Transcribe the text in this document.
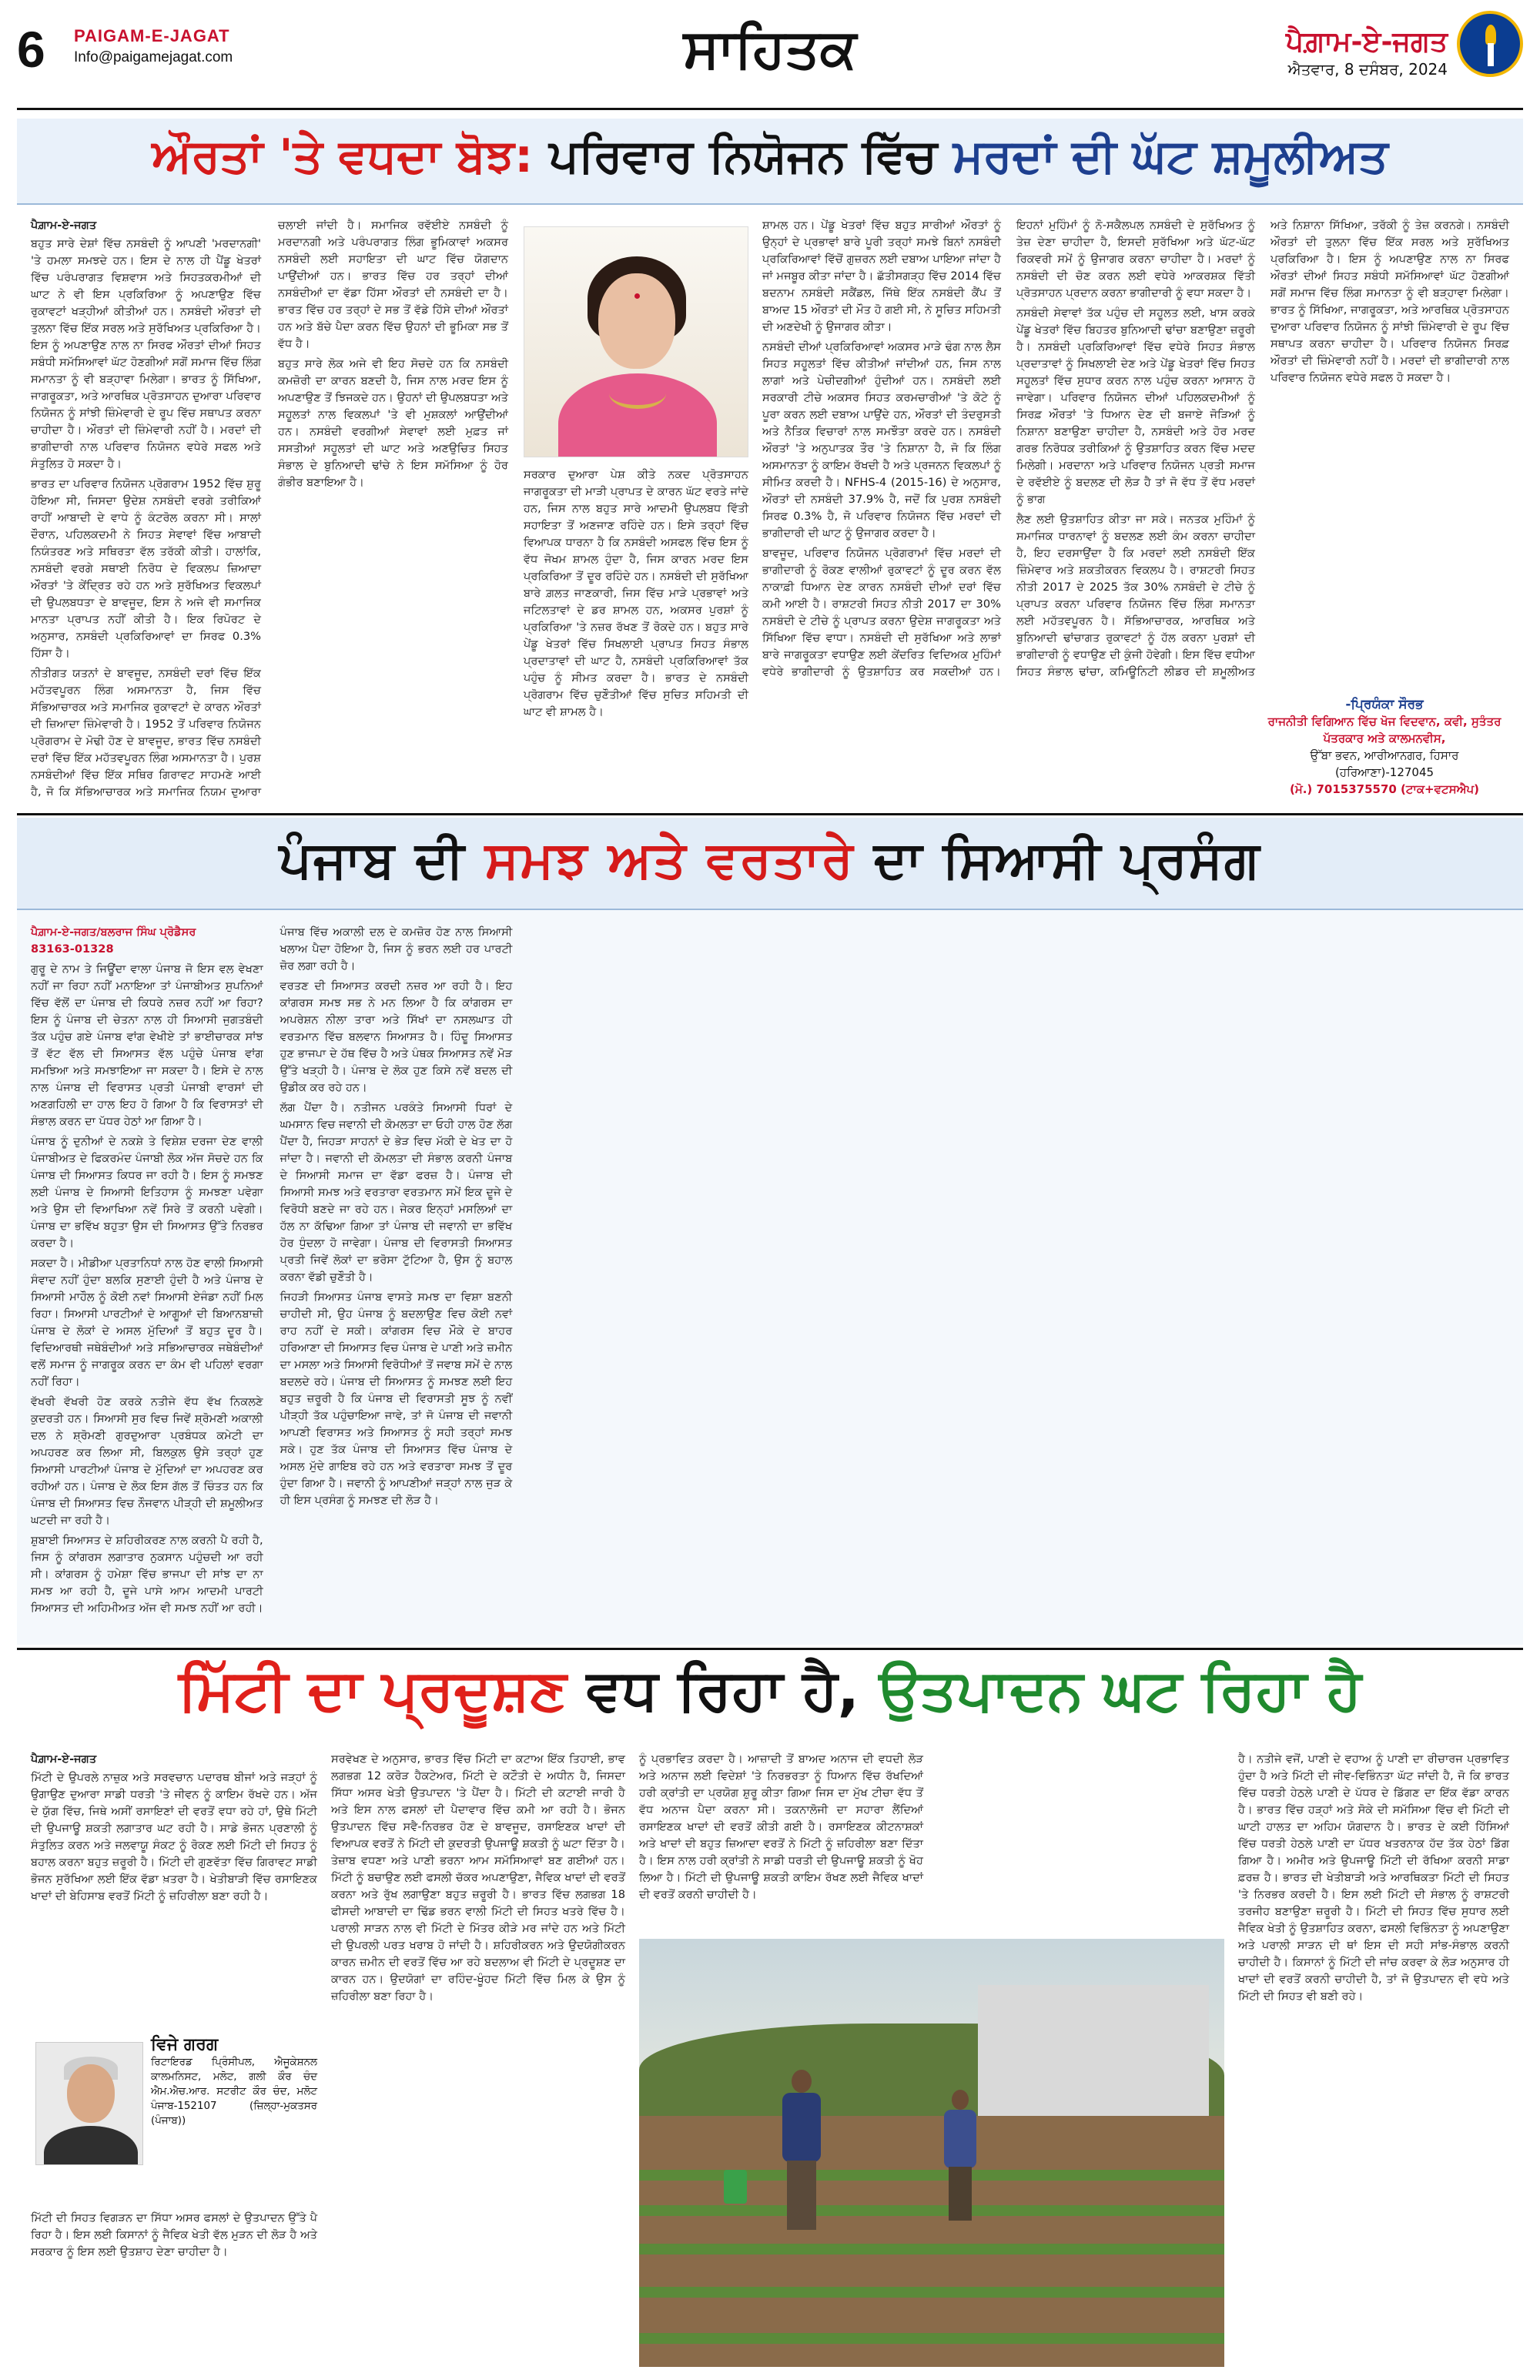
6 PAIGAM-E-JAGAT
Info@paigamejagat.com	ਸਾਹਿਤਕ	ਪੈਗ਼ਾਮ-ਏ-ਜਗਤ
ਐਤਵਾਰ, 8 ਦਸੰਬਰ, 2024
ਔਰਤਾਂ 'ਤੇ ਵਧਦਾ ਬੋਝ: ਪਰਿਵਾਰ ਨਿਯੋਜਨ ਵਿੱਚ ਮਰਦਾਂ ਦੀ ਘੱਟ ਸ਼ਮੂਲੀਅਤ
ਪੈਗ਼ਾਮ-ਏ-ਜਗਤ

ਬਹੁਤ ਸਾਰੇ ਦੇਸ਼ਾਂ ਵਿੱਚ ਨਸਬੰਦੀ ਨੂੰ ਆਪਣੀ 'ਮਰਦਾਨਗੀ' 'ਤੇ ਹਮਲਾ ਸਮਝਦੇ ਹਨ। ਇਸ ਦੇ ਨਾਲ ਹੀ ਪੈਂਡੂ ਖੇਤਰਾਂ ਵਿੱਚ ਪਰੰਪਰਾਗਤ ਵਿਸ਼ਵਾਸ ਅਤੇ ਸਿਹਤਕਰਮੀਆਂ ਦੀ ਘਾਟ ਨੇ ਵੀ ਇਸ ਪ੍ਰਕਿਰਿਆ ਨੂੰ ਅਪਣਾਉਣ ਵਿੱਚ ਰੁਕਾਵਟਾਂ ਖੜ੍ਹੀਆਂ ਕੀਤੀਆਂ ਹਨ। ਨਸਬੰਦੀ ਔਰਤਾਂ ਦੀ ਤੁਲਨਾ ਵਿੱਚ ਇੱਕ ਸਰਲ ਅਤੇ ਸੁਰੱਖਿਅਤ ਪ੍ਰਕਿਰਿਆ ਹੈ। ਇਸ ਨੂੰ ਅਪਣਾਉਣ ਨਾਲ ਨਾ ਸਿਰਫ ਔਰਤਾਂ ਦੀਆਂ ਸਿਹਤ ਸਬੰਧੀ ਸਮੱਸਿਆਵਾਂ ਘੱਟ ਹੋਣਗੀਆਂ ਸਗੋਂ ਸਮਾਜ ਵਿੱਚ ਲਿੰਗ ਸਮਾਨਤਾ ਨੂੰ ਵੀ ਬੜ੍ਹਾਵਾ ਮਿਲੇਗਾ। ਭਾਰਤ ਨੂੰ ਸਿੱਖਿਆ, ਜਾਗਰੂਕਤਾ, ਅਤੇ ਆਰਥਿਕ ਪ੍ਰੋਤਸਾਹਨ ਦੁਆਰਾ ਪਰਿਵਾਰ ਨਿਯੋਜਨ ਨੂੰ ਸਾਂਝੀ ਜ਼ਿੰਮੇਵਾਰੀ ਦੇ ਰੂਪ ਵਿੱਚ ਸਥਾਪਤ ਕਰਨਾ ਚਾਹੀਦਾ ਹੈ। ਔਰਤਾਂ ਦੀ ਜ਼ਿੰਮੇਵਾਰੀ ਨਹੀਂ ਹੈ। ਮਰਦਾਂ ਦੀ ਭਾਗੀਦਾਰੀ ਨਾਲ ਪਰਿਵਾਰ ਨਿਯੋਜਨ ਵਧੇਰੇ ਸਫਲ ਅਤੇ ਸੰਤੁਲਿਤ ਹੋ ਸਕਦਾ ਹੈ।

ਭਾਰਤ ਦਾ ਪਰਿਵਾਰ ਨਿਯੋਜਨ ਪ੍ਰੋਗਰਾਮ 1952 ਵਿੱਚ ਸ਼ੁਰੂ ਹੋਇਆ ਸੀ, ਜਿਸਦਾ ਉਦੇਸ਼ ਨਸਬੰਦੀ ਵਰਗੇ ਤਰੀਕਿਆਂ ਰਾਹੀਂ ਆਬਾਦੀ ਦੇ ਵਾਧੇ ਨੂੰ ਕੰਟਰੋਲ ਕਰਨਾ ਸੀ। ਸਾਲਾਂ ਦੌਰਾਨ, ਪਹਿਲਕਦਮੀ ਨੇ ਸਿਹਤ ਸੇਵਾਵਾਂ ਵਿੱਚ ਆਬਾਦੀ ਨਿਯੰਤਰਣ ਅਤੇ ਸਥਿਰਤਾ ਵੱਲ ਤਰੱਕੀ ਕੀਤੀ। ਹਾਲਾਂਕਿ, ਨਸਬੰਦੀ ਵਰਗੇ ਸਥਾਈ ਨਿਰੋਧ ਦੇ ਵਿਕਲਪ ਜ਼ਿਆਦਾ ਔਰਤਾਂ 'ਤੇ ਕੇਂਦ੍ਰਿਤ ਰਹੇ ਹਨ ਅਤੇ ਸੁਰੱਖਿਅਤ ਵਿਕਲਪਾਂ ਦੀ ਉਪਲਬਧਤਾ ਦੇ ਬਾਵਜੂਦ, ਇਸ ਨੇ ਅਜੇ ਵੀ ਸਮਾਜਿਕ ਮਾਨਤਾ ਪ੍ਰਾਪਤ ਨਹੀਂ ਕੀਤੀ ਹੈ। ਇਕ ਰਿਪੋਰਟ ਦੇ ਅਨੁਸਾਰ, ਨਸਬੰਦੀ ਪ੍ਰਕਿਰਿਆਵਾਂ ਦਾ ਸਿਰਫ 0.3% ਹਿੱਸਾ ਹੈ।

ਨੀਤੀਗਤ ਯਤਨਾਂ ਦੇ ਬਾਵਜੂਦ, ਨਸਬੰਦੀ ਦਰਾਂ ਵਿੱਚ ਇੱਕ ਮਹੱਤਵਪੂਰਨ ਲਿੰਗ ਅਸਮਾਨਤਾ ਹੈ, ਜਿਸ ਵਿੱਚ ਸੱਭਿਆਚਾਰਕ ਅਤੇ ਸਮਾਜਿਕ ਰੁਕਾਵਟਾਂ ਦੇ ਕਾਰਨ ਔਰਤਾਂ ਦੀ ਜ਼ਿਆਦਾ ਜ਼ਿੰਮੇਵਾਰੀ ਹੈ। 1952 ਤੋਂ ਪਰਿਵਾਰ ਨਿਯੋਜਨ ਪ੍ਰੋਗਰਾਮ ਦੇ ਮੋਢੀ ਹੋਣ ਦੇ ਬਾਵਜੂਦ, ਭਾਰਤ ਵਿੱਚ ਨਸਬੰਦੀ ਦਰਾਂ ਵਿੱਚ ਇੱਕ ਮਹੱਤਵਪੂਰਨ ਲਿੰਗ ਅਸਮਾਨਤਾ ਹੈ। ਪੁਰਸ਼ ਨਸਬੰਦੀਆਂ ਵਿੱਚ ਇੱਕ ਸਥਿਰ ਗਿਰਾਵਟ ਸਾਹਮਣੇ ਆਈ ਹੈ, ਜੋ ਕਿ ਸੱਭਿਆਚਾਰਕ ਅਤੇ ਸਮਾਜਿਕ ਨਿਯਮ ਦੁਆਰਾ ਚਲਾਈ ਜਾਂਦੀ ਹੈ। ਸਮਾਜਿਕ ਰਵੱਈਏ ਨਸਬੰਦੀ ਨੂੰ ਮਰਦਾਨਗੀ ਅਤੇ ਪਰੰਪਰਾਗਤ ਲਿੰਗ ਭੂਮਿਕਾਵਾਂ ਅਕਸਰ ਨਸਬੰਦੀ ਲਈ ਸਹਾਇਤਾ ਦੀ ਘਾਟ ਵਿੱਚ ਯੋਗਦਾਨ ਪਾਉਂਦੀਆਂ ਹਨ। ਭਾਰਤ ਵਿੱਚ ਹਰ ਤਰ੍ਹਾਂ ਦੀਆਂ ਨਸਬੰਦੀਆਂ ਦਾ ਵੱਡਾ ਹਿੱਸਾ ਔਰਤਾਂ ਦੀ ਨਸਬੰਦੀ ਦਾ ਹੈ। ਭਾਰਤ ਵਿੱਚ ਹਰ ਤਰ੍ਹਾਂ ਦੇ ਸਭ ਤੋਂ ਵੱਡੇ ਹਿੱਸੇ ਦੀਆਂ ਔਰਤਾਂ ਹਨ ਅਤੇ ਬੱਚੇ ਪੈਦਾ ਕਰਨ ਵਿੱਚ ਉਹਨਾਂ ਦੀ ਭੂਮਿਕਾ ਸਭ ਤੋਂ ਵੱਧ ਹੈ।

ਬਹੁਤ ਸਾਰੇ ਲੋਕ ਅਜੇ ਵੀ ਇਹ ਸੋਚਦੇ ਹਨ ਕਿ ਨਸਬੰਦੀ ਕਮਜ਼ੋਰੀ ਦਾ ਕਾਰਨ ਬਣਦੀ ਹੈ, ਜਿਸ ਨਾਲ ਮਰਦ ਇਸ ਨੂੰ ਅਪਣਾਉਣ ਤੋਂ ਝਿਜਕਦੇ ਹਨ। ਉਹਨਾਂ ਦੀ ਉਪਲਬਧਤਾ ਅਤੇ ਸਹੂਲਤਾਂ ਨਾਲ ਵਿਕਲਪਾਂ 'ਤੇ ਵੀ ਮੁਸ਼ਕਲਾਂ ਆਉਂਦੀਆਂ ਹਨ। ਨਸਬੰਦੀ ਵਰਗੀਆਂ ਸੇਵਾਵਾਂ ਲਈ ਮੁਫ਼ਤ ਜਾਂ ਸਸਤੀਆਂ ਸਹੂਲਤਾਂ ਦੀ ਘਾਟ ਅਤੇ ਅਣਉਚਿਤ ਸਿਹਤ ਸੰਭਾਲ ਦੇ ਬੁਨਿਆਦੀ ਢਾਂਚੇ ਨੇ ਇਸ ਸਮੱਸਿਆ ਨੂੰ ਹੋਰ ਗੰਭੀਰ ਬਣਾਇਆ ਹੈ।

ਸਰਕਾਰ ਦੁਆਰਾ ਪੇਸ਼ ਕੀਤੇ ਨਕਦ ਪ੍ਰੋਤਸਾਹਨ ਜਾਗਰੂਕਤਾ ਦੀ ਮਾੜੀ ਪ੍ਰਾਪਤ ਦੇ ਕਾਰਨ ਘੱਟ ਵਰਤੇ ਜਾਂਦੇ ਹਨ, ਜਿਸ ਨਾਲ ਬਹੁਤ ਸਾਰੇ ਆਦਮੀ ਉਪਲਬਧ ਵਿੱਤੀ ਸਹਾਇਤਾ ਤੋਂ ਅਣਜਾਣ ਰਹਿੰਦੇ ਹਨ। ਇਸੇ ਤਰ੍ਹਾਂ ਵਿੱਚ ਵਿਆਪਕ ਧਾਰਨਾ ਹੈ ਕਿ ਨਸਬੰਦੀ ਅਸਫਲ ਵਿੱਚ ਇਸ ਨੂੰ ਵੱਧ ਜੋਖਮ ਸ਼ਾਮਲ ਹੁੰਦਾ ਹੈ, ਜਿਸ ਕਾਰਨ ਮਰਦ ਇਸ ਪ੍ਰਕਿਰਿਆ ਤੋਂ ਦੂਰ ਰਹਿੰਦੇ ਹਨ। ਨਸਬੰਦੀ ਦੀ ਸੁਰੱਖਿਆ ਬਾਰੇ ਗ਼ਲਤ ਜਾਣਕਾਰੀ, ਜਿਸ ਵਿੱਚ ਮਾੜੇ ਪ੍ਰਭਾਵਾਂ ਅਤੇ ਜਟਿਲਤਾਵਾਂ ਦੇ ਡਰ ਸ਼ਾਮਲ ਹਨ, ਅਕਸਰ ਪੁਰਸ਼ਾਂ ਨੂੰ ਪ੍ਰਕਿਰਿਆ 'ਤੇ ਨਜ਼ਰ ਰੱਖਣ ਤੋਂ ਰੋਕਦੇ ਹਨ। ਬਹੁਤ ਸਾਰੇ ਪੇਂਡੂ ਖੇਤਰਾਂ ਵਿੱਚ ਸਿਖਲਾਈ ਪ੍ਰਾਪਤ ਸਿਹਤ ਸੰਭਾਲ ਪ੍ਰਦਾਤਾਵਾਂ ਦੀ ਘਾਟ ਹੈ, ਨਸਬੰਦੀ ਪ੍ਰਕਿਰਿਆਵਾਂ ਤੱਕ ਪਹੁੰਚ ਨੂੰ ਸੀਮਤ ਕਰਦਾ ਹੈ। ਭਾਰਤ ਦੇ ਨਸਬੰਦੀ ਪ੍ਰੋਗਰਾਮ ਵਿੱਚ ਚੁਣੌਤੀਆਂ ਵਿੱਚ ਸੁਚਿਤ ਸਹਿਮਤੀ ਦੀ ਘਾਟ ਵੀ ਸ਼ਾਮਲ ਹੈ।

ਸ਼ਾਮਲ ਹਨ। ਪੇਂਡੂ ਖੇਤਰਾਂ ਵਿੱਚ ਬਹੁਤ ਸਾਰੀਆਂ ਔਰਤਾਂ ਨੂੰ ਉਨ੍ਹਾਂ ਦੇ ਪ੍ਰਭਾਵਾਂ ਬਾਰੇ ਪੂਰੀ ਤਰ੍ਹਾਂ ਸਮਝੇ ਬਿਨਾਂ ਨਸਬੰਦੀ ਪ੍ਰਕਿਰਿਆਵਾਂ ਵਿੱਚੋਂ ਗੁਜ਼ਰਨ ਲਈ ਦਬਾਅ ਪਾਇਆ ਜਾਂਦਾ ਹੈ ਜਾਂ ਮਜਬੂਰ ਕੀਤਾ ਜਾਂਦਾ ਹੈ। ਛੱਤੀਸਗੜ੍ਹ ਵਿੱਚ 2014 ਵਿੱਚ ਬਦਨਾਮ ਨਸਬੰਦੀ ਸਕੈਂਡਲ, ਜਿੱਥੇ ਇੱਕ ਨਸਬੰਦੀ ਕੈਂਪ ਤੋਂ ਬਾਅਦ 15 ਔਰਤਾਂ ਦੀ ਮੌਤ ਹੋ ਗਈ ਸੀ, ਨੇ ਸੂਚਿਤ ਸਹਿਮਤੀ ਦੀ ਅਣਦੇਖੀ ਨੂੰ ਉਜਾਗਰ ਕੀਤਾ।

ਨਸਬੰਦੀ ਦੀਆਂ ਪ੍ਰਕਿਰਿਆਵਾਂ ਅਕਸਰ ਮਾੜੇ ਢੰਗ ਨਾਲ ਲੈਸ ਸਿਹਤ ਸਹੂਲਤਾਂ ਵਿੱਚ ਕੀਤੀਆਂ ਜਾਂਦੀਆਂ ਹਨ, ਜਿਸ ਨਾਲ ਲਾਗਾਂ ਅਤੇ ਪੇਚੀਦਗੀਆਂ ਹੁੰਦੀਆਂ ਹਨ। ਨਸਬੰਦੀ ਲਈ ਸਰਕਾਰੀ ਟੀਚੇ ਅਕਸਰ ਸਿਹਤ ਕਰਮਚਾਰੀਆਂ 'ਤੇ ਕੋਟੇ ਨੂੰ ਪੂਰਾ ਕਰਨ ਲਈ ਦਬਾਅ ਪਾਉਂਦੇ ਹਨ, ਔਰਤਾਂ ਦੀ ਤੰਦਰੁਸਤੀ ਅਤੇ ਨੈਤਿਕ ਵਿਚਾਰਾਂ ਨਾਲ ਸਮਝੌਤਾ ਕਰਦੇ ਹਨ। ਨਸਬੰਦੀ ਔਰਤਾਂ 'ਤੇ ਅਨੁਪਾਤਕ ਤੌਰ 'ਤੇ ਨਿਸ਼ਾਨਾ ਹੈ, ਜੋ ਕਿ ਲਿੰਗ ਅਸਮਾਨਤਾ ਨੂੰ ਕਾਇਮ ਰੱਖਦੀ ਹੈ ਅਤੇ ਪ੍ਰਜਨਨ ਵਿਕਲਪਾਂ ਨੂੰ ਸੀਮਿਤ ਕਰਦੀ ਹੈ। NFHS-4 (2015-16) ਦੇ ਅਨੁਸਾਰ, ਔਰਤਾਂ ਦੀ ਨਸਬੰਦੀ 37.9% ਹੈ, ਜਦੋਂ ਕਿ ਪੁਰਸ਼ ਨਸਬੰਦੀ ਸਿਰਫ 0.3% ਹੈ, ਜੋ ਪਰਿਵਾਰ ਨਿਯੋਜਨ ਵਿੱਚ ਮਰਦਾਂ ਦੀ ਭਾਗੀਦਾਰੀ ਦੀ ਘਾਟ ਨੂੰ ਉਜਾਗਰ ਕਰਦਾ ਹੈ।

ਬਾਵਜੂਦ, ਪਰਿਵਾਰ ਨਿਯੋਜਨ ਪ੍ਰੋਗਰਾਮਾਂ ਵਿੱਚ ਮਰਦਾਂ ਦੀ ਭਾਗੀਦਾਰੀ ਨੂੰ ਰੋਕਣ ਵਾਲੀਆਂ ਰੁਕਾਵਟਾਂ ਨੂੰ ਦੂਰ ਕਰਨ ਵੱਲ ਨਾਕਾਫ਼ੀ ਧਿਆਨ ਦੇਣ ਕਾਰਨ ਨਸਬੰਦੀ ਦੀਆਂ ਦਰਾਂ ਵਿੱਚ ਕਮੀ ਆਈ ਹੈ। ਰਾਸ਼ਟਰੀ ਸਿਹਤ ਨੀਤੀ 2017 ਦਾ 30% ਨਸਬੰਦੀ ਦੇ ਟੀਚੇ ਨੂੰ ਪ੍ਰਾਪਤ ਕਰਨਾ ਉਦੇਸ਼ ਜਾਗਰੂਕਤਾ ਅਤੇ ਸਿੱਖਿਆ ਵਿੱਚ ਵਾਧਾ। ਨਸਬੰਦੀ ਦੀ ਸੁਰੱਖਿਆ ਅਤੇ ਲਾਭਾਂ ਬਾਰੇ ਜਾਗਰੂਕਤਾ ਵਧਾਉਣ ਲਈ ਕੇਂਦਰਿਤ ਵਿਦਿਅਕ ਮੁਹਿੰਮਾਂ ਵਧੇਰੇ ਭਾਗੀਦਾਰੀ ਨੂੰ ਉਤਸ਼ਾਹਿਤ ਕਰ ਸਕਦੀਆਂ ਹਨ। ਇਹਨਾਂ ਮੁਹਿੰਮਾਂ ਨੂੰ ਨੋ-ਸਕੈਲਪਲ ਨਸਬੰਦੀ ਦੇ ਸੁਰੱਖਿਅਤ ਨੂੰ ਤੇਜ਼ ਦੇਣਾ ਚਾਹੀਦਾ ਹੈ, ਇਸਦੀ ਸੁਰੱਖਿਆ ਅਤੇ ਘੱਟ-ਘੱਟ ਰਿਕਵਰੀ ਸਮੇਂ ਨੂੰ ਉਜਾਗਰ ਕਰਨਾ ਚਾਹੀਦਾ ਹੈ। ਮਰਦਾਂ ਨੂੰ ਨਸਬੰਦੀ ਦੀ ਚੋਣ ਕਰਨ ਲਈ ਵਧੇਰੇ ਆਕਰਸ਼ਕ ਵਿੱਤੀ ਪ੍ਰੋਤਸਾਹਨ ਪ੍ਰਦਾਨ ਕਰਨਾ ਭਾਗੀਦਾਰੀ ਨੂੰ ਵਧਾ ਸਕਦਾ ਹੈ।

ਨਸਬੰਦੀ ਸੇਵਾਵਾਂ ਤੱਕ ਪਹੁੰਚ ਦੀ ਸਹੂਲਤ ਲਈ, ਖਾਸ ਕਰਕੇ ਪੇਂਡੂ ਖੇਤਰਾਂ ਵਿੱਚ ਬਿਹਤਰ ਬੁਨਿਆਦੀ ਢਾਂਚਾ ਬਣਾਉਣਾ ਜ਼ਰੂਰੀ ਹੈ। ਨਸਬੰਦੀ ਪ੍ਰਕਿਰਿਆਵਾਂ ਵਿੱਚ ਵਧੇਰੇ ਸਿਹਤ ਸੰਭਾਲ ਪ੍ਰਦਾਤਾਵਾਂ ਨੂੰ ਸਿਖਲਾਈ ਦੇਣ ਅਤੇ ਪੇਂਡੂ ਖੇਤਰਾਂ ਵਿੱਚ ਸਿਹਤ ਸਹੂਲਤਾਂ ਵਿੱਚ ਸੁਧਾਰ ਕਰਨ ਨਾਲ ਪਹੁੰਚ ਕਰਨਾ ਆਸਾਨ ਹੋ ਜਾਵੇਗਾ। ਪਰਿਵਾਰ ਨਿਯੋਜਨ ਦੀਆਂ ਪਹਿਲਕਦਮੀਆਂ ਨੂੰ ਸਿਰਫ਼ ਔਰਤਾਂ 'ਤੇ ਧਿਆਨ ਦੇਣ ਦੀ ਬਜਾਏ ਜੋੜਿਆਂ ਨੂੰ ਨਿਸ਼ਾਨਾ ਬਣਾਉਣਾ ਚਾਹੀਦਾ ਹੈ, ਨਸਬੰਦੀ ਅਤੇ ਹੋਰ ਮਰਦ ਗਰਭ ਨਿਰੋਧਕ ਤਰੀਕਿਆਂ ਨੂੰ ਉਤਸ਼ਾਹਿਤ ਕਰਨ ਵਿੱਚ ਮਦਦ ਮਿਲੇਗੀ। ਮਰਦਾਨਾ ਅਤੇ ਪਰਿਵਾਰ ਨਿਯੋਜਨ ਪ੍ਰਤੀ ਸਮਾਜ ਦੇ ਰਵੱਈਏ ਨੂੰ ਬਦਲਣ ਦੀ ਲੋੜ ਹੈ ਤਾਂ ਜੋ ਵੱਧ ਤੋਂ ਵੱਧ ਮਰਦਾਂ ਨੂੰ ਭਾਗ

ਲੈਣ ਲਈ ਉਤਸ਼ਾਹਿਤ ਕੀਤਾ ਜਾ ਸਕੇ। ਜਨਤਕ ਮੁਹਿੰਮਾਂ ਨੂੰ ਸਮਾਜਿਕ ਧਾਰਨਾਵਾਂ ਨੂੰ ਬਦਲਣ ਲਈ ਕੰਮ ਕਰਨਾ ਚਾਹੀਦਾ ਹੈ, ਇਹ ਦਰਸਾਉਂਦਾ ਹੈ ਕਿ ਮਰਦਾਂ ਲਈ ਨਸਬੰਦੀ ਇੱਕ ਜ਼ਿੰਮੇਵਾਰ ਅਤੇ ਸ਼ਕਤੀਕਰਨ ਵਿਕਲਪ ਹੈ। ਰਾਸ਼ਟਰੀ ਸਿਹਤ ਨੀਤੀ 2017 ਦੇ 2025 ਤੱਕ 30% ਨਸਬੰਦੀ ਦੇ ਟੀਚੇ ਨੂੰ ਪ੍ਰਾਪਤ ਕਰਨਾ ਪਰਿਵਾਰ ਨਿਯੋਜਨ ਵਿੱਚ ਲਿੰਗ ਸਮਾਨਤਾ ਲਈ ਮਹੱਤਵਪੂਰਨ ਹੈ। ਸੱਭਿਆਚਾਰਕ, ਆਰਥਿਕ ਅਤੇ ਬੁਨਿਆਦੀ ਢਾਂਚਾਗਤ ਰੁਕਾਵਟਾਂ ਨੂੰ ਹੱਲ ਕਰਨਾ ਪੁਰਸ਼ਾਂ ਦੀ ਭਾਗੀਦਾਰੀ ਨੂੰ ਵਧਾਉਣ ਦੀ ਕੁੰਜੀ ਹੋਵੇਗੀ। ਇਸ ਵਿੱਚ ਵਧੀਆ ਸਿਹਤ ਸੰਭਾਲ ਢਾਂਚਾ, ਕਮਿਊਨਿਟੀ ਲੀਡਰ ਦੀ ਸ਼ਮੂਲੀਅਤ ਅਤੇ ਨਿਸ਼ਾਨਾ ਸਿੱਖਿਆ, ਤਰੱਕੀ ਨੂੰ ਤੇਜ਼ ਕਰਨਗੇ। ਨਸਬੰਦੀ ਔਰਤਾਂ ਦੀ ਤੁਲਨਾ ਵਿੱਚ ਇੱਕ ਸਰਲ ਅਤੇ ਸੁਰੱਖਿਅਤ ਪ੍ਰਕਿਰਿਆ ਹੈ। ਇਸ ਨੂੰ ਅਪਣਾਉਣ ਨਾਲ ਨਾ ਸਿਰਫ ਔਰਤਾਂ ਦੀਆਂ ਸਿਹਤ ਸਬੰਧੀ ਸਮੱਸਿਆਵਾਂ ਘੱਟ ਹੋਣਗੀਆਂ ਸਗੋਂ ਸਮਾਜ ਵਿੱਚ ਲਿੰਗ ਸਮਾਨਤਾ ਨੂੰ ਵੀ ਬੜ੍ਹਾਵਾ ਮਿਲੇਗਾ। ਭਾਰਤ ਨੂੰ ਸਿੱਖਿਆ, ਜਾਗਰੂਕਤਾ, ਅਤੇ ਆਰਥਿਕ ਪ੍ਰੋਤਸਾਹਨ ਦੁਆਰਾ ਪਰਿਵਾਰ ਨਿਯੋਜਨ ਨੂੰ ਸਾਂਝੀ ਜ਼ਿੰਮੇਵਾਰੀ ਦੇ ਰੂਪ ਵਿੱਚ ਸਥਾਪਤ ਕਰਨਾ ਚਾਹੀਦਾ ਹੈ। ਪਰਿਵਾਰ ਨਿਯੋਜਨ ਸਿਰਫ਼ ਔਰਤਾਂ ਦੀ ਜ਼ਿੰਮੇਵਾਰੀ ਨਹੀਂ ਹੈ। ਮਰਦਾਂ ਦੀ ਭਾਗੀਦਾਰੀ ਨਾਲ ਪਰਿਵਾਰ ਨਿਯੋਜਨ ਵਧੇਰੇ ਸਫਲ ਹੋ ਸਕਦਾ ਹੈ।

-ਪ੍ਰਿਯੰਕਾ ਸੌਰਭ
ਰਾਜਨੀਤੀ ਵਿਗਿਆਨ ਵਿੱਚ ਖੋਜ ਵਿਦਵਾਨ, ਕਵੀ, ਸੁਤੰਤਰ ਪੱਤਰਕਾਰ ਅਤੇ ਕਾਲਮਨਵੀਸ,
ਉੱਬਾ ਭਵਨ, ਆਰੀਆਨਗਰ, ਹਿਸਾਰ (ਹਰਿਆਣਾ)-127045
(ਮੋ.) 7015375570 (ਟਾਕ+ਵਟਸਐਪ)
ਪੰਜਾਬ ਦੀ ਸਮਝ ਅਤੇ ਵਰਤਾਰੇ ਦਾ ਸਿਆਸੀ ਪ੍ਰਸੰਗ
ਪੈਗ਼ਾਮ-ਏ-ਜਗਤ/ਬਲਰਾਜ ਸਿੰਘ ਪ੍ਰੋਡੈਸਰ
83163-01328

ਗੁਰੂ ਦੇ ਨਾਮ ਤੇ ਜਿਊਂਦਾ ਵਾਲਾ ਪੰਜਾਬ ਜੋ ਇਸ ਵਲ ਵੇਖਣਾ ਨਹੀਂ ਜਾ ਰਿਹਾ ਨਹੀਂ ਮਨਾਇਆ ਤਾਂ ਪੰਜਾਬੀਅਤ ਸੁਪਨਿਆਂ ਵਿੱਚ ਵੱਲੋਂ ਦਾ ਪੰਜਾਬ ਦੀ ਕਿਧਰੇ ਨਜ਼ਰ ਨਹੀਂ ਆ ਰਿਹਾ? ਇਸ ਨੂੰ ਪੰਜਾਬ ਦੀ ਚੇਤਨਾ ਨਾਲ ਹੀ ਸਿਆਸੀ ਜੁਗਤਬੰਦੀ ਤੱਕ ਪਹੁੰਚ ਗਏ ਪੰਜਾਬ ਵਾਂਗ ਵੇਖੀਏ ਤਾਂ ਭਾਈਚਾਰਕ ਸਾਂਝ ਤੋਂ ਵੱਟ ਵੱਲ ਦੀ ਸਿਆਸਤ ਵੱਲ ਪਹੁੰਚੇ ਪੰਜਾਬ ਵਾਂਗ ਸਮਝਿਆ ਅਤੇ ਸਮਝਾਇਆ ਜਾ ਸਕਦਾ ਹੈ। ਇਸੇ ਦੇ ਨਾਲ ਨਾਲ ਪੰਜਾਬ ਦੀ ਵਿਰਾਸਤ ਪ੍ਰਤੀ ਪੰਜਾਬੀ ਵਾਰਸਾਂ ਦੀ ਅਣਗਹਿਲੀ ਦਾ ਹਾਲ ਇਹ ਹੋ ਗਿਆ ਹੈ ਕਿ ਵਿਰਾਸਤਾਂ ਦੀ ਸੰਭਾਲ ਕਰਨ ਦਾ ਪੱਧਰ ਹੇਠਾਂ ਆ ਗਿਆ ਹੈ।

ਪੰਜਾਬ ਨੂੰ ਦੁਨੀਆਂ ਦੇ ਨਕਸ਼ੇ ਤੇ ਵਿਸ਼ੇਸ਼ ਦਰਜਾ ਦੇਣ ਵਾਲੀ ਪੰਜਾਬੀਅਤ ਦੇ ਫਿਕਰਮੰਦ ਪੰਜਾਬੀ ਲੋਕ ਅੱਜ ਸੋਚਦੇ ਹਨ ਕਿ ਪੰਜਾਬ ਦੀ ਸਿਆਸਤ ਕਿਧਰ ਜਾ ਰਹੀ ਹੈ। ਇਸ ਨੂੰ ਸਮਝਣ ਲਈ ਪੰਜਾਬ ਦੇ ਸਿਆਸੀ ਇਤਿਹਾਸ ਨੂੰ ਸਮਝਣਾ ਪਵੇਗਾ ਅਤੇ ਉਸ ਦੀ ਵਿਆਖਿਆ ਨਵੇਂ ਸਿਰੇ ਤੋਂ ਕਰਨੀ ਪਵੇਗੀ। ਪੰਜਾਬ ਦਾ ਭਵਿੱਖ ਬਹੁਤਾ ਉਸ ਦੀ ਸਿਆਸਤ ਉੱਤੇ ਨਿਰਭਰ ਕਰਦਾ ਹੈ।

ਸਕਦਾ ਹੈ। ਮੀਡੀਆ ਪ੍ਰਤਾਨਿਧਾਂ ਨਾਲ ਹੋਣ ਵਾਲੀ ਸਿਆਸੀ ਸੰਵਾਦ ਨਹੀਂ ਹੁੰਦਾ ਬਲਕਿ ਸੁਣਾਈ ਹੁੰਦੀ ਹੈ ਅਤੇ ਪੰਜਾਬ ਦੇ ਸਿਆਸੀ ਮਾਹੌਲ ਨੂੰ ਕੋਈ ਨਵਾਂ ਸਿਆਸੀ ਏਜੰਡਾ ਨਹੀਂ ਮਿਲ ਰਿਹਾ। ਸਿਆਸੀ ਪਾਰਟੀਆਂ ਦੇ ਆਗੂਆਂ ਦੀ ਬਿਆਨਬਾਜ਼ੀ ਪੰਜਾਬ ਦੇ ਲੋਕਾਂ ਦੇ ਅਸਲ ਮੁੱਦਿਆਂ ਤੋਂ ਬਹੁਤ ਦੂਰ ਹੈ। ਵਿਦਿਆਰਥੀ ਜਥੇਬੰਦੀਆਂ ਅਤੇ ਸਭਿਆਚਾਰਕ ਜਥੇਬੰਦੀਆਂ ਵਲੋਂ ਸਮਾਜ ਨੂੰ ਜਾਗਰੂਕ ਕਰਨ ਦਾ ਕੰਮ ਵੀ ਪਹਿਲਾਂ ਵਰਗਾ ਨਹੀਂ ਰਿਹਾ।

ਵੱਖਰੀ ਵੱਖਰੀ ਹੋਣ ਕਰਕੇ ਨਤੀਜੇ ਵੱਧ ਵੱਖ ਨਿਕਲਣੇ ਕੁਦਰਤੀ ਹਨ। ਸਿਆਸੀ ਸੁਰ ਵਿਚ ਜਿਵੇਂ ਸ਼੍ਰੋਮਣੀ ਅਕਾਲੀ ਦਲ ਨੇ ਸ਼੍ਰੋਮਣੀ ਗੁਰਦੁਆਰਾ ਪ੍ਰਬੰਧਕ ਕਮੇਟੀ ਦਾ ਅਪਹਰਣ ਕਰ ਲਿਆ ਸੀ, ਬਿਲਕੁਲ ਉਸੇ ਤਰ੍ਹਾਂ ਹੁਣ ਸਿਆਸੀ ਪਾਰਟੀਆਂ ਪੰਜਾਬ ਦੇ ਮੁੱਦਿਆਂ ਦਾ ਅਪਹਰਣ ਕਰ ਰਹੀਆਂ ਹਨ। ਪੰਜਾਬ ਦੇ ਲੋਕ ਇਸ ਗੱਲ ਤੋਂ ਚਿੰਤਤ ਹਨ ਕਿ ਪੰਜਾਬ ਦੀ ਸਿਆਸਤ ਵਿਚ ਨੌਜਵਾਨ ਪੀੜ੍ਹੀ ਦੀ ਸ਼ਮੂਲੀਅਤ ਘਟਦੀ ਜਾ ਰਹੀ ਹੈ।

ਸ਼ੁਬਾਈ ਸਿਆਸਤ ਦੇ ਸ਼ਹਿਰੀਕਰਣ ਨਾਲ ਕਰਨੀ ਪੈ ਰਹੀ ਹੈ, ਜਿਸ ਨੂੰ ਕਾਂਗਰਸ ਲਗਾਤਾਰ ਨੁਕਸਾਨ ਪਹੁੰਚਦੀ ਆ ਰਹੀ ਸੀ। ਕਾਂਗਰਸ ਨੂੰ ਹਮੇਸ਼ਾ ਵਿੱਚ ਭਾਜਪਾ ਦੀ ਸਾਂਝ ਦਾ ਨਾ ਸਮਝ ਆ ਰਹੀ ਹੈ, ਦੂਜੇ ਪਾਸੇ ਆਮ ਆਦਮੀ ਪਾਰਟੀ ਸਿਆਸਤ ਦੀ ਅਹਿਮੀਅਤ ਅੱਜ ਵੀ ਸਮਝ ਨਹੀਂ ਆ ਰਹੀ। ਪੰਜਾਬ ਵਿੱਚ ਅਕਾਲੀ ਦਲ ਦੇ ਕਮਜ਼ੋਰ ਹੋਣ ਨਾਲ ਸਿਆਸੀ ਖਲਾਅ ਪੈਦਾ ਹੋਇਆ ਹੈ, ਜਿਸ ਨੂੰ ਭਰਨ ਲਈ ਹਰ ਪਾਰਟੀ ਜ਼ੋਰ ਲਗਾ ਰਹੀ ਹੈ।

ਵਰਤਣ ਦੀ ਸਿਆਸਤ ਕਰਦੀ ਨਜ਼ਰ ਆ ਰਹੀ ਹੈ। ਇਹ ਕਾਂਗਰਸ ਸਮਝ ਸਭ ਨੇ ਮਨ ਲਿਆ ਹੈ ਕਿ ਕਾਂਗਰਸ ਦਾ ਅਪਰੇਸ਼ਨ ਨੀਲਾ ਤਾਰਾ ਅਤੇ ਸਿੱਖਾਂ ਦਾ ਨਸਲਘਾਤ ਹੀ ਵਰਤਮਾਨ ਵਿੱਚ ਬਲਵਾਨ ਸਿਆਸਤ ਹੈ। ਹਿੰਦੂ ਸਿਆਸਤ ਹੁਣ ਭਾਜਪਾ ਦੇ ਹੱਥ ਵਿੱਚ ਹੈ ਅਤੇ ਪੰਥਕ ਸਿਆਸਤ ਨਵੇਂ ਮੋੜ ਉੱਤੇ ਖੜ੍ਹੀ ਹੈ। ਪੰਜਾਬ ਦੇ ਲੋਕ ਹੁਣ ਕਿਸੇ ਨਵੇਂ ਬਦਲ ਦੀ ਉਡੀਕ ਕਰ ਰਹੇ ਹਨ।

ਲੱਗ ਪੈਂਦਾ ਹੈ। ਨਤੀਜਨ ਪਰਕੰਤੇ ਸਿਆਸੀ ਧਿਰਾਂ ਦੇ ਘਮਸਾਨ ਵਿਚ ਜਵਾਨੀ ਦੀ ਕੋਮਲਤਾ ਦਾ ਓਹੀ ਹਾਲ ਹੋਣ ਲੱਗ ਪੈਂਦਾ ਹੈ, ਜਿਹੜਾ ਸਾਹਨਾਂ ਦੇ ਭੇੜ ਵਿਚ ਮੱਕੀ ਦੇ ਖੇਤ ਦਾ ਹੋ ਜਾਂਦਾ ਹੈ। ਜਵਾਨੀ ਦੀ ਕੋਮਲਤਾ ਦੀ ਸੰਭਾਲ ਕਰਨੀ ਪੰਜਾਬ ਦੇ ਸਿਆਸੀ ਸਮਾਜ ਦਾ ਵੱਡਾ ਫਰਜ਼ ਹੈ। ਪੰਜਾਬ ਦੀ ਸਿਆਸੀ ਸਮਝ ਅਤੇ ਵਰਤਾਰਾ ਵਰਤਮਾਨ ਸਮੇਂ ਇਕ ਦੂਜੇ ਦੇ ਵਿਰੋਧੀ ਬਣਦੇ ਜਾ ਰਹੇ ਹਨ। ਜੇਕਰ ਇਨ੍ਹਾਂ ਮਸਲਿਆਂ ਦਾ ਹੱਲ ਨਾ ਕੱਢਿਆ ਗਿਆ ਤਾਂ ਪੰਜਾਬ ਦੀ ਜਵਾਨੀ ਦਾ ਭਵਿੱਖ ਹੋਰ ਧੁੰਦਲਾ ਹੋ ਜਾਵੇਗਾ। ਪੰਜਾਬ ਦੀ ਵਿਰਾਸਤੀ ਸਿਆਸਤ ਪ੍ਰਤੀ ਜਿਵੇਂ ਲੋਕਾਂ ਦਾ ਭਰੋਸਾ ਟੁੱਟਿਆ ਹੈ, ਉਸ ਨੂੰ ਬਹਾਲ ਕਰਨਾ ਵੱਡੀ ਚੁਣੌਤੀ ਹੈ।

ਜਿਹੜੀ ਸਿਆਸਤ ਪੰਜਾਬ ਵਾਸਤੇ ਸਮਝ ਦਾ ਵਿਸ਼ਾ ਬਣਨੀ ਚਾਹੀਦੀ ਸੀ, ਉਹ ਪੰਜਾਬ ਨੂੰ ਬਦਲਾਉਣ ਵਿਚ ਕੋਈ ਨਵਾਂ ਰਾਹ ਨਹੀਂ ਦੇ ਸਕੀ। ਕਾਂਗਰਸ ਵਿਚ ਮੌਕੇ ਦੇ ਬਾਹਰ ਹਰਿਆਣਾ ਦੀ ਸਿਆਸਤ ਵਿਚ ਪੰਜਾਬ ਦੇ ਪਾਣੀ ਅਤੇ ਜ਼ਮੀਨ ਦਾ ਮਸਲਾ ਅਤੇ ਸਿਆਸੀ ਵਿਰੋਧੀਆਂ ਤੋਂ ਜਵਾਬ ਸਮੇਂ ਦੇ ਨਾਲ ਬਦਲਦੇ ਰਹੇ। ਪੰਜਾਬ ਦੀ ਸਿਆਸਤ ਨੂੰ ਸਮਝਣ ਲਈ ਇਹ ਬਹੁਤ ਜ਼ਰੂਰੀ ਹੈ ਕਿ ਪੰਜਾਬ ਦੀ ਵਿਰਾਸਤੀ ਸੂਝ ਨੂੰ ਨਵੀਂ ਪੀੜ੍ਹੀ ਤੱਕ ਪਹੁੰਚਾਇਆ ਜਾਵੇ, ਤਾਂ ਜੋ ਪੰਜਾਬ ਦੀ ਜਵਾਨੀ ਆਪਣੀ ਵਿਰਾਸਤ ਅਤੇ ਸਿਆਸਤ ਨੂੰ ਸਹੀ ਤਰ੍ਹਾਂ ਸਮਝ ਸਕੇ। ਹੁਣ ਤੱਕ ਪੰਜਾਬ ਦੀ ਸਿਆਸਤ ਵਿੱਚ ਪੰਜਾਬ ਦੇ ਅਸਲ ਮੁੱਦੇ ਗਾਇਬ ਰਹੇ ਹਨ ਅਤੇ ਵਰਤਾਰਾ ਸਮਝ ਤੋਂ ਦੂਰ ਹੁੰਦਾ ਗਿਆ ਹੈ। ਜਵਾਨੀ ਨੂੰ ਆਪਣੀਆਂ ਜੜ੍ਹਾਂ ਨਾਲ ਜੁੜ ਕੇ ਹੀ ਇਸ ਪ੍ਰਸੰਗ ਨੂੰ ਸਮਝਣ ਦੀ ਲੋੜ ਹੈ।

ਮਿੱਟੀ ਦਾ ਪ੍ਰਦੂਸ਼ਣ ਵਧ ਰਿਹਾ ਹੈ, ਉਤਪਾਦਨ ਘਟ ਰਿਹਾ ਹੈ
ਪੈਗ਼ਾਮ-ਏ-ਜਗਤ

ਮਿੱਟੀ ਦੇ ਉਪਰਲੇ ਨਾਜ਼ੁਕ ਅਤੇ ਸਰਵਚਾਨ ਪਦਾਰਥ ਬੀਜਾਂ ਅਤੇ ਜੜ੍ਹਾਂ ਨੂੰ ਉਗਾਉਣ ਦੁਆਰਾ ਸਾਡੀ ਧਰਤੀ 'ਤੇ ਜੀਵਨ ਨੂੰ ਕਾਇਮ ਰੱਖਦੇ ਹਨ। ਅੱਜ ਦੇ ਯੁੱਗ ਵਿੱਚ, ਜਿਥੇ ਅਸੀਂ ਰਸਾਇਣਾਂ ਦੀ ਵਰਤੋਂ ਵਧਾ ਰਹੇ ਹਾਂ, ਉਥੇ ਮਿੱਟੀ ਦੀ ਉਪਜਾਊ ਸ਼ਕਤੀ ਲਗਾਤਾਰ ਘਟ ਰਹੀ ਹੈ। ਸਾਡੇ ਭੋਜਨ ਪ੍ਰਣਾਲੀ ਨੂੰ ਸੰਤੁਲਿਤ ਕਰਨ ਅਤੇ ਜਲਵਾਯੂ ਸੰਕਟ ਨੂੰ ਰੋਕਣ ਲਈ ਮਿੱਟੀ ਦੀ ਸਿਹਤ ਨੂੰ ਬਹਾਲ ਕਰਨਾ ਬਹੁਤ ਜ਼ਰੂਰੀ ਹੈ। ਮਿੱਟੀ ਦੀ ਗੁਣਵੱਤਾ ਵਿੱਚ ਗਿਰਾਵਟ ਸਾਡੀ ਭੋਜਨ ਸੁਰੱਖਿਆ ਲਈ ਇੱਕ ਵੱਡਾ ਖ਼ਤਰਾ ਹੈ। ਖੇਤੀਬਾੜੀ ਵਿੱਚ ਰਸਾਇਣਕ ਖਾਦਾਂ ਦੀ ਬੇਹਿਸਾਬ ਵਰਤੋਂ ਮਿੱਟੀ ਨੂੰ ਜ਼ਹਿਰੀਲਾ ਬਣਾ ਰਹੀ ਹੈ।

ਵਿਜੇ ਗਰਗ
ਰਿਟਾਇਰਡ ਪ੍ਰਿੰਸੀਪਲ, ਐਜੂਕੇਸ਼ਨਲ ਕਾਲਮਨਿਸਟ, ਮਲੋਟ, ਗਲੀ ਕੌਰ ਚੰਦ ਐਮ.ਐਚ.ਆਰ. ਸਟਰੀਟ ਕੌਰ ਚੰਦ, ਮਲੋਟ ਪੰਜਾਬ-152107 (ਜ਼ਿਲ੍ਹਾ-ਮੁਕਤਸਰ (ਪੰਜਾਬ))

ਮਿੱਟੀ ਦੀ ਸਿਹਤ ਵਿਗੜਨ ਦਾ ਸਿੱਧਾ ਅਸਰ ਫਸਲਾਂ ਦੇ ਉਤਪਾਦਨ ਉੱਤੇ ਪੈ ਰਿਹਾ ਹੈ। ਇਸ ਲਈ ਕਿਸਾਨਾਂ ਨੂੰ ਜੈਵਿਕ ਖੇਤੀ ਵੱਲ ਮੁੜਨ ਦੀ ਲੋੜ ਹੈ ਅਤੇ ਸਰਕਾਰ ਨੂੰ ਇਸ ਲਈ ਉਤਸ਼ਾਹ ਦੇਣਾ ਚਾਹੀਦਾ ਹੈ।

ਸਰਵੇਖਣ ਦੇ ਅਨੁਸਾਰ, ਭਾਰਤ ਵਿੱਚ ਮਿੱਟੀ ਦਾ ਕਟਾਅ ਇੱਕ ਤਿਹਾਈ, ਭਾਵ ਲਗਭਗ 12 ਕਰੋੜ ਹੈਕਟੇਅਰ, ਮਿੱਟੀ ਦੇ ਕਟੌਤੀ ਦੇ ਅਧੀਨ ਹੈ, ਜਿਸਦਾ ਸਿੱਧਾ ਅਸਰ ਖੇਤੀ ਉਤਪਾਦਨ 'ਤੇ ਪੈਂਦਾ ਹੈ। ਮਿੱਟੀ ਦੀ ਕਟਾਈ ਜਾਰੀ ਹੈ ਅਤੇ ਇਸ ਨਾਲ ਫਸਲਾਂ ਦੀ ਪੈਦਾਵਾਰ ਵਿੱਚ ਕਮੀ ਆ ਰਹੀ ਹੈ। ਭੋਜਨ ਉਤਪਾਦਨ ਵਿੱਚ ਸਵੈ-ਨਿਰਭਰ ਹੋਣ ਦੇ ਬਾਵਜੂਦ, ਰਸਾਇਣਕ ਖਾਦਾਂ ਦੀ ਵਿਆਪਕ ਵਰਤੋਂ ਨੇ ਮਿੱਟੀ ਦੀ ਕੁਦਰਤੀ ਉਪਜਾਊ ਸ਼ਕਤੀ ਨੂੰ ਘਟਾ ਦਿੱਤਾ ਹੈ। ਤੇਜ਼ਾਬ ਵਧਣਾ ਅਤੇ ਪਾਣੀ ਭਰਨਾ ਆਮ ਸਮੱਸਿਆਵਾਂ ਬਣ ਗਈਆਂ ਹਨ। ਮਿੱਟੀ ਨੂੰ ਬਚਾਉਣ ਲਈ ਫਸਲੀ ਚੱਕਰ ਅਪਣਾਉਣਾ, ਜੈਵਿਕ ਖਾਦਾਂ ਦੀ ਵਰਤੋਂ ਕਰਨਾ ਅਤੇ ਰੁੱਖ ਲਗਾਉਣਾ ਬਹੁਤ ਜ਼ਰੂਰੀ ਹੈ। ਭਾਰਤ ਵਿੱਚ ਲਗਭਗ 18 ਫੀਸਦੀ ਆਬਾਦੀ ਦਾ ਢਿੱਡ ਭਰਨ ਵਾਲੀ ਮਿੱਟੀ ਦੀ ਸਿਹਤ ਖਤਰੇ ਵਿੱਚ ਹੈ। ਪਰਾਲੀ ਸਾੜਨ ਨਾਲ ਵੀ ਮਿੱਟੀ ਦੇ ਮਿੱਤਰ ਕੀੜੇ ਮਰ ਜਾਂਦੇ ਹਨ ਅਤੇ ਮਿੱਟੀ ਦੀ ਉਪਰਲੀ ਪਰਤ ਖਰਾਬ ਹੋ ਜਾਂਦੀ ਹੈ। ਸ਼ਹਿਰੀਕਰਨ ਅਤੇ ਉਦਯੋਗੀਕਰਨ ਕਾਰਨ ਜ਼ਮੀਨ ਦੀ ਵਰਤੋਂ ਵਿੱਚ ਆ ਰਹੇ ਬਦਲਾਅ ਵੀ ਮਿੱਟੀ ਦੇ ਪ੍ਰਦੂਸ਼ਣ ਦਾ ਕਾਰਨ ਹਨ। ਉਦਯੋਗਾਂ ਦਾ ਰਹਿੰਦ-ਖੂੰਹਦ ਮਿੱਟੀ ਵਿੱਚ ਮਿਲ ਕੇ ਉਸ ਨੂੰ ਜ਼ਹਿਰੀਲਾ ਬਣਾ ਰਿਹਾ ਹੈ।

ਨੂੰ ਪ੍ਰਭਾਵਿਤ ਕਰਦਾ ਹੈ। ਆਜ਼ਾਦੀ ਤੋਂ ਬਾਅਦ ਅਨਾਜ ਦੀ ਵਧਦੀ ਲੋੜ ਅਤੇ ਅਨਾਜ ਲਈ ਵਿਦੇਸ਼ਾਂ 'ਤੇ ਨਿਰਭਰਤਾ ਨੂੰ ਧਿਆਨ ਵਿੱਚ ਰੱਖਦਿਆਂ ਹਰੀ ਕ੍ਰਾਂਤੀ ਦਾ ਪ੍ਰਯੋਗ ਸ਼ੁਰੂ ਕੀਤਾ ਗਿਆ ਜਿਸ ਦਾ ਮੁੱਖ ਟੀਚਾ ਵੱਧ ਤੋਂ ਵੱਧ ਅਨਾਜ ਪੈਦਾ ਕਰਨਾ ਸੀ। ਤਕਨਾਲੋਜੀ ਦਾ ਸਹਾਰਾ ਲੈਂਦਿਆਂ ਰਸਾਇਣਕ ਖਾਦਾਂ ਦੀ ਵਰਤੋਂ ਕੀਤੀ ਗਈ ਹੈ। ਰਸਾਇਣਕ ਕੀਟਨਾਸ਼ਕਾਂ ਅਤੇ ਖਾਦਾਂ ਦੀ ਬਹੁਤ ਜ਼ਿਆਦਾ ਵਰਤੋਂ ਨੇ ਮਿੱਟੀ ਨੂੰ ਜ਼ਹਿਰੀਲਾ ਬਣਾ ਦਿੱਤਾ ਹੈ। ਇਸ ਨਾਲ ਹਰੀ ਕ੍ਰਾਂਤੀ ਨੇ ਸਾਡੀ ਧਰਤੀ ਦੀ ਉਪਜਾਊ ਸ਼ਕਤੀ ਨੂੰ ਖੋਹ ਲਿਆ ਹੈ। ਮਿੱਟੀ ਦੀ ਉਪਜਾਊ ਸ਼ਕਤੀ ਕਾਇਮ ਰੱਖਣ ਲਈ ਜੈਵਿਕ ਖਾਦਾਂ ਦੀ ਵਰਤੋਂ ਕਰਨੀ ਚਾਹੀਦੀ ਹੈ।

ਹੈ। ਨਤੀਜੇ ਵਜੋਂ, ਪਾਣੀ ਦੇ ਵਹਾਅ ਨੂੰ ਪਾਣੀ ਦਾ ਰੀਚਾਰਜ ਪ੍ਰਭਾਵਿਤ ਹੁੰਦਾ ਹੈ ਅਤੇ ਮਿੱਟੀ ਦੀ ਜੀਵ-ਵਿਭਿੰਨਤਾ ਘੱਟ ਜਾਂਦੀ ਹੈ, ਜੋ ਕਿ ਭਾਰਤ ਵਿੱਚ ਧਰਤੀ ਹੇਠਲੇ ਪਾਣੀ ਦੇ ਪੱਧਰ ਦੇ ਡਿੱਗਣ ਦਾ ਇੱਕ ਵੱਡਾ ਕਾਰਨ ਹੈ। ਭਾਰਤ ਵਿੱਚ ਹੜ੍ਹਾਂ ਅਤੇ ਸੋਕੇ ਦੀ ਸਮੱਸਿਆ ਵਿੱਚ ਵੀ ਮਿੱਟੀ ਦੀ ਘਾਟੀ ਹਾਲਤ ਦਾ ਅਹਿਮ ਯੋਗਦਾਨ ਹੈ। ਭਾਰਤ ਦੇ ਕਈ ਹਿੱਸਿਆਂ ਵਿੱਚ ਧਰਤੀ ਹੇਠਲੇ ਪਾਣੀ ਦਾ ਪੱਧਰ ਖਤਰਨਾਕ ਹੱਦ ਤੱਕ ਹੇਠਾਂ ਡਿੱਗ ਗਿਆ ਹੈ। ਅਮੀਰ ਅਤੇ ਉਪਜਾਊ ਮਿੱਟੀ ਦੀ ਰੱਖਿਆ ਕਰਨੀ ਸਾਡਾ ਫ਼ਰਜ਼ ਹੈ। ਭਾਰਤ ਦੀ ਖੇਤੀਬਾੜੀ ਅਤੇ ਆਰਥਿਕਤਾ ਮਿੱਟੀ ਦੀ ਸਿਹਤ 'ਤੇ ਨਿਰਭਰ ਕਰਦੀ ਹੈ। ਇਸ ਲਈ ਮਿੱਟੀ ਦੀ ਸੰਭਾਲ ਨੂੰ ਰਾਸ਼ਟਰੀ ਤਰਜੀਹ ਬਣਾਉਣਾ ਜ਼ਰੂਰੀ ਹੈ। ਮਿੱਟੀ ਦੀ ਸਿਹਤ ਵਿੱਚ ਸੁਧਾਰ ਲਈ ਜੈਵਿਕ ਖੇਤੀ ਨੂੰ ਉਤਸ਼ਾਹਿਤ ਕਰਨਾ, ਫਸਲੀ ਵਿਭਿੰਨਤਾ ਨੂੰ ਅਪਣਾਉਣਾ ਅਤੇ ਪਰਾਲੀ ਸਾੜਨ ਦੀ ਥਾਂ ਇਸ ਦੀ ਸਹੀ ਸਾਂਭ-ਸੰਭਾਲ ਕਰਨੀ ਚਾਹੀਦੀ ਹੈ। ਕਿਸਾਨਾਂ ਨੂੰ ਮਿੱਟੀ ਦੀ ਜਾਂਚ ਕਰਵਾ ਕੇ ਲੋੜ ਅਨੁਸਾਰ ਹੀ ਖਾਦਾਂ ਦੀ ਵਰਤੋਂ ਕਰਨੀ ਚਾਹੀਦੀ ਹੈ, ਤਾਂ ਜੋ ਉਤਪਾਦਨ ਵੀ ਵਧੇ ਅਤੇ ਮਿੱਟੀ ਦੀ ਸਿਹਤ ਵੀ ਬਣੀ ਰਹੇ।
